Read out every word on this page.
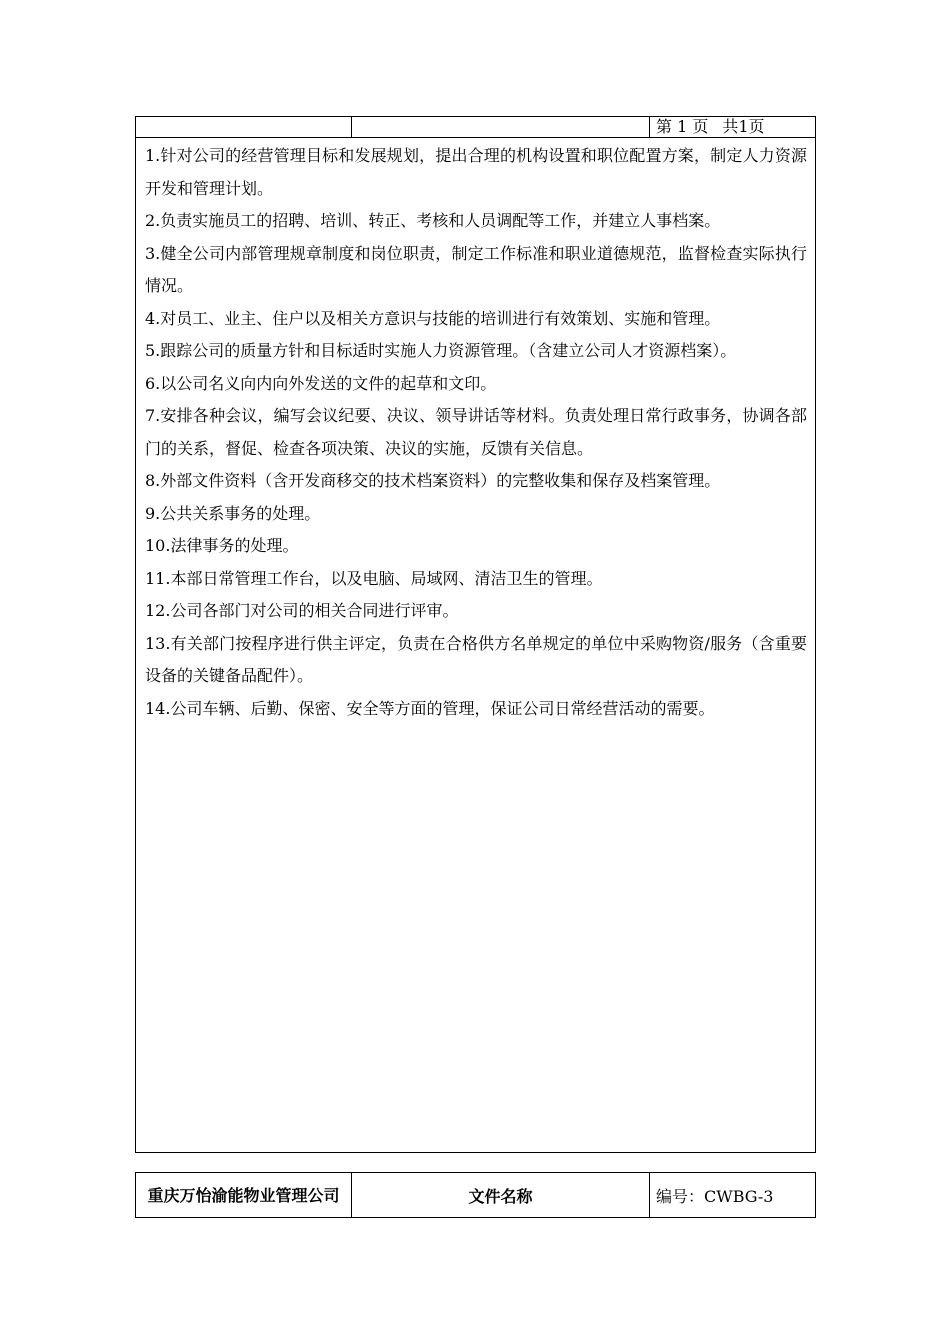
第 1 页 共1页

1.针对公司的经营管理目标和发展规划，提出合理的机构设置和职位配置方案，制定人力资源开发和管理计划。

2.负责实施员工的招聘、培训、转正、考核和人员调配等工作，并建立人事档案。

3.健全公司内部管理规章制度和岗位职责，制定工作标准和职业道德规范，监督检查实际执行情况。

4.对员工、业主、住户以及相关方意识与技能的培训进行有效策划、实施和管理。

5.跟踪公司的质量方针和目标适时实施人力资源管理。（含建立公司人才资源档案）。

6.以公司名义向内向外发送的文件的起草和文印。

7.安排各种会议，编写会议纪要、决议、领导讲话等材料。负责处理日常行政事务，协调各部门的关系，督促、检查各项决策、决议的实施，反馈有关信息。

8.外部文件资料（含开发商移交的技术档案资料）的完整收集和保存及档案管理。

9.公共关系事务的处理。

10.法律事务的处理。

11.本部日常管理工作台，以及电脑、局域网、清洁卫生的管理。

12.公司各部门对公司的相关合同进行评审。

13.有关部门按程序进行供主评定，负责在合格供方名单规定的单位中采购物资/服务（含重要设备的关键备品配件）。

14.公司车辆、后勤、保密、安全等方面的管理，保证公司日常经营活动的需要。

重庆万怡渝能物业管理公司	文件名称	编号：CWBG-3
